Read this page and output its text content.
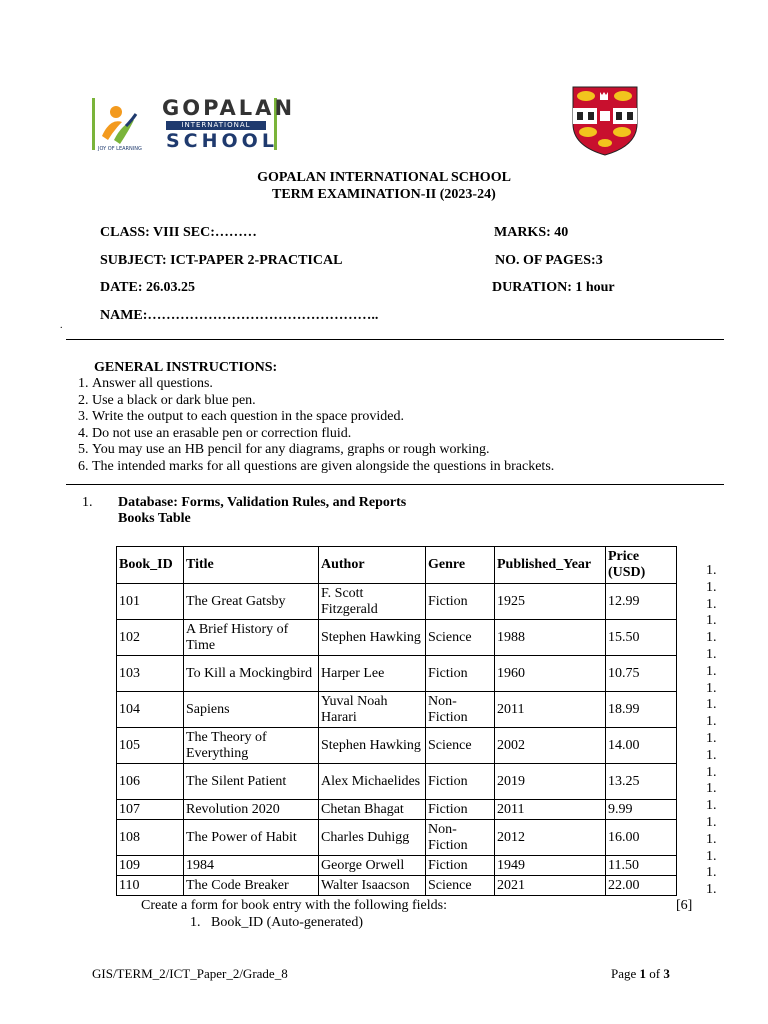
GOPALAN
INTERNATIONAL
SCHOOL
JOY OF LEARNING
GOPALAN INTERNATIONAL SCHOOL
TERM EXAMINATION-II (2023-24)
CLASS: VIII SEC:………	MARKS: 40
SUBJECT: ICT-PAPER 2-PRACTICAL	NO. OF PAGES:3
DATE: 26.03.25	DURATION: 1 hour
NAME:…………………………………………..
.
GENERAL INSTRUCTIONS:
1. Answer all questions.
2. Use a black or dark blue pen.
3. Write the output to each question in the space provided.
4. Do not use an erasable pen or correction fluid.
5. You may use an HB pencil for any diagrams, graphs or rough working.
6. The intended marks for all questions are given alongside the questions in brackets.
1. Database: Forms, Validation Rules, and Reports
Books Table
Book_ID	Title	Author	Genre	Published_Year	Price (USD)
101	The Great Gatsby	F. Scott Fitzgerald	Fiction	1925	12.99
102	A Brief History of Time	Stephen Hawking	Science	1988	15.50
103	To Kill a Mockingbird	Harper Lee	Fiction	1960	10.75
104	Sapiens	Yuval Noah Harari	Non-Fiction	2011	18.99
105	The Theory of Everything	Stephen Hawking	Science	2002	14.00
106	The Silent Patient	Alex Michaelides	Fiction	2019	13.25
107	Revolution 2020	Chetan Bhagat	Fiction	2011	9.99
108	The Power of Habit	Charles Duhigg	Non-Fiction	2012	16.00
109	1984	George Orwell	Fiction	1949	11.50
110	The Code Breaker	Walter Isaacson	Science	2021	22.00
1.
1.
1.
1.
1.
1.
1.
1.
1.
1.
1.
1.
1.
1.
1.
1.
1.
1.
1.
1.
Create a form for book entry with the following fields:	[6]
1.   Book_ID (Auto-generated)
GIS/TERM_2/ICT_Paper_2/Grade_8	Page 1 of 3
